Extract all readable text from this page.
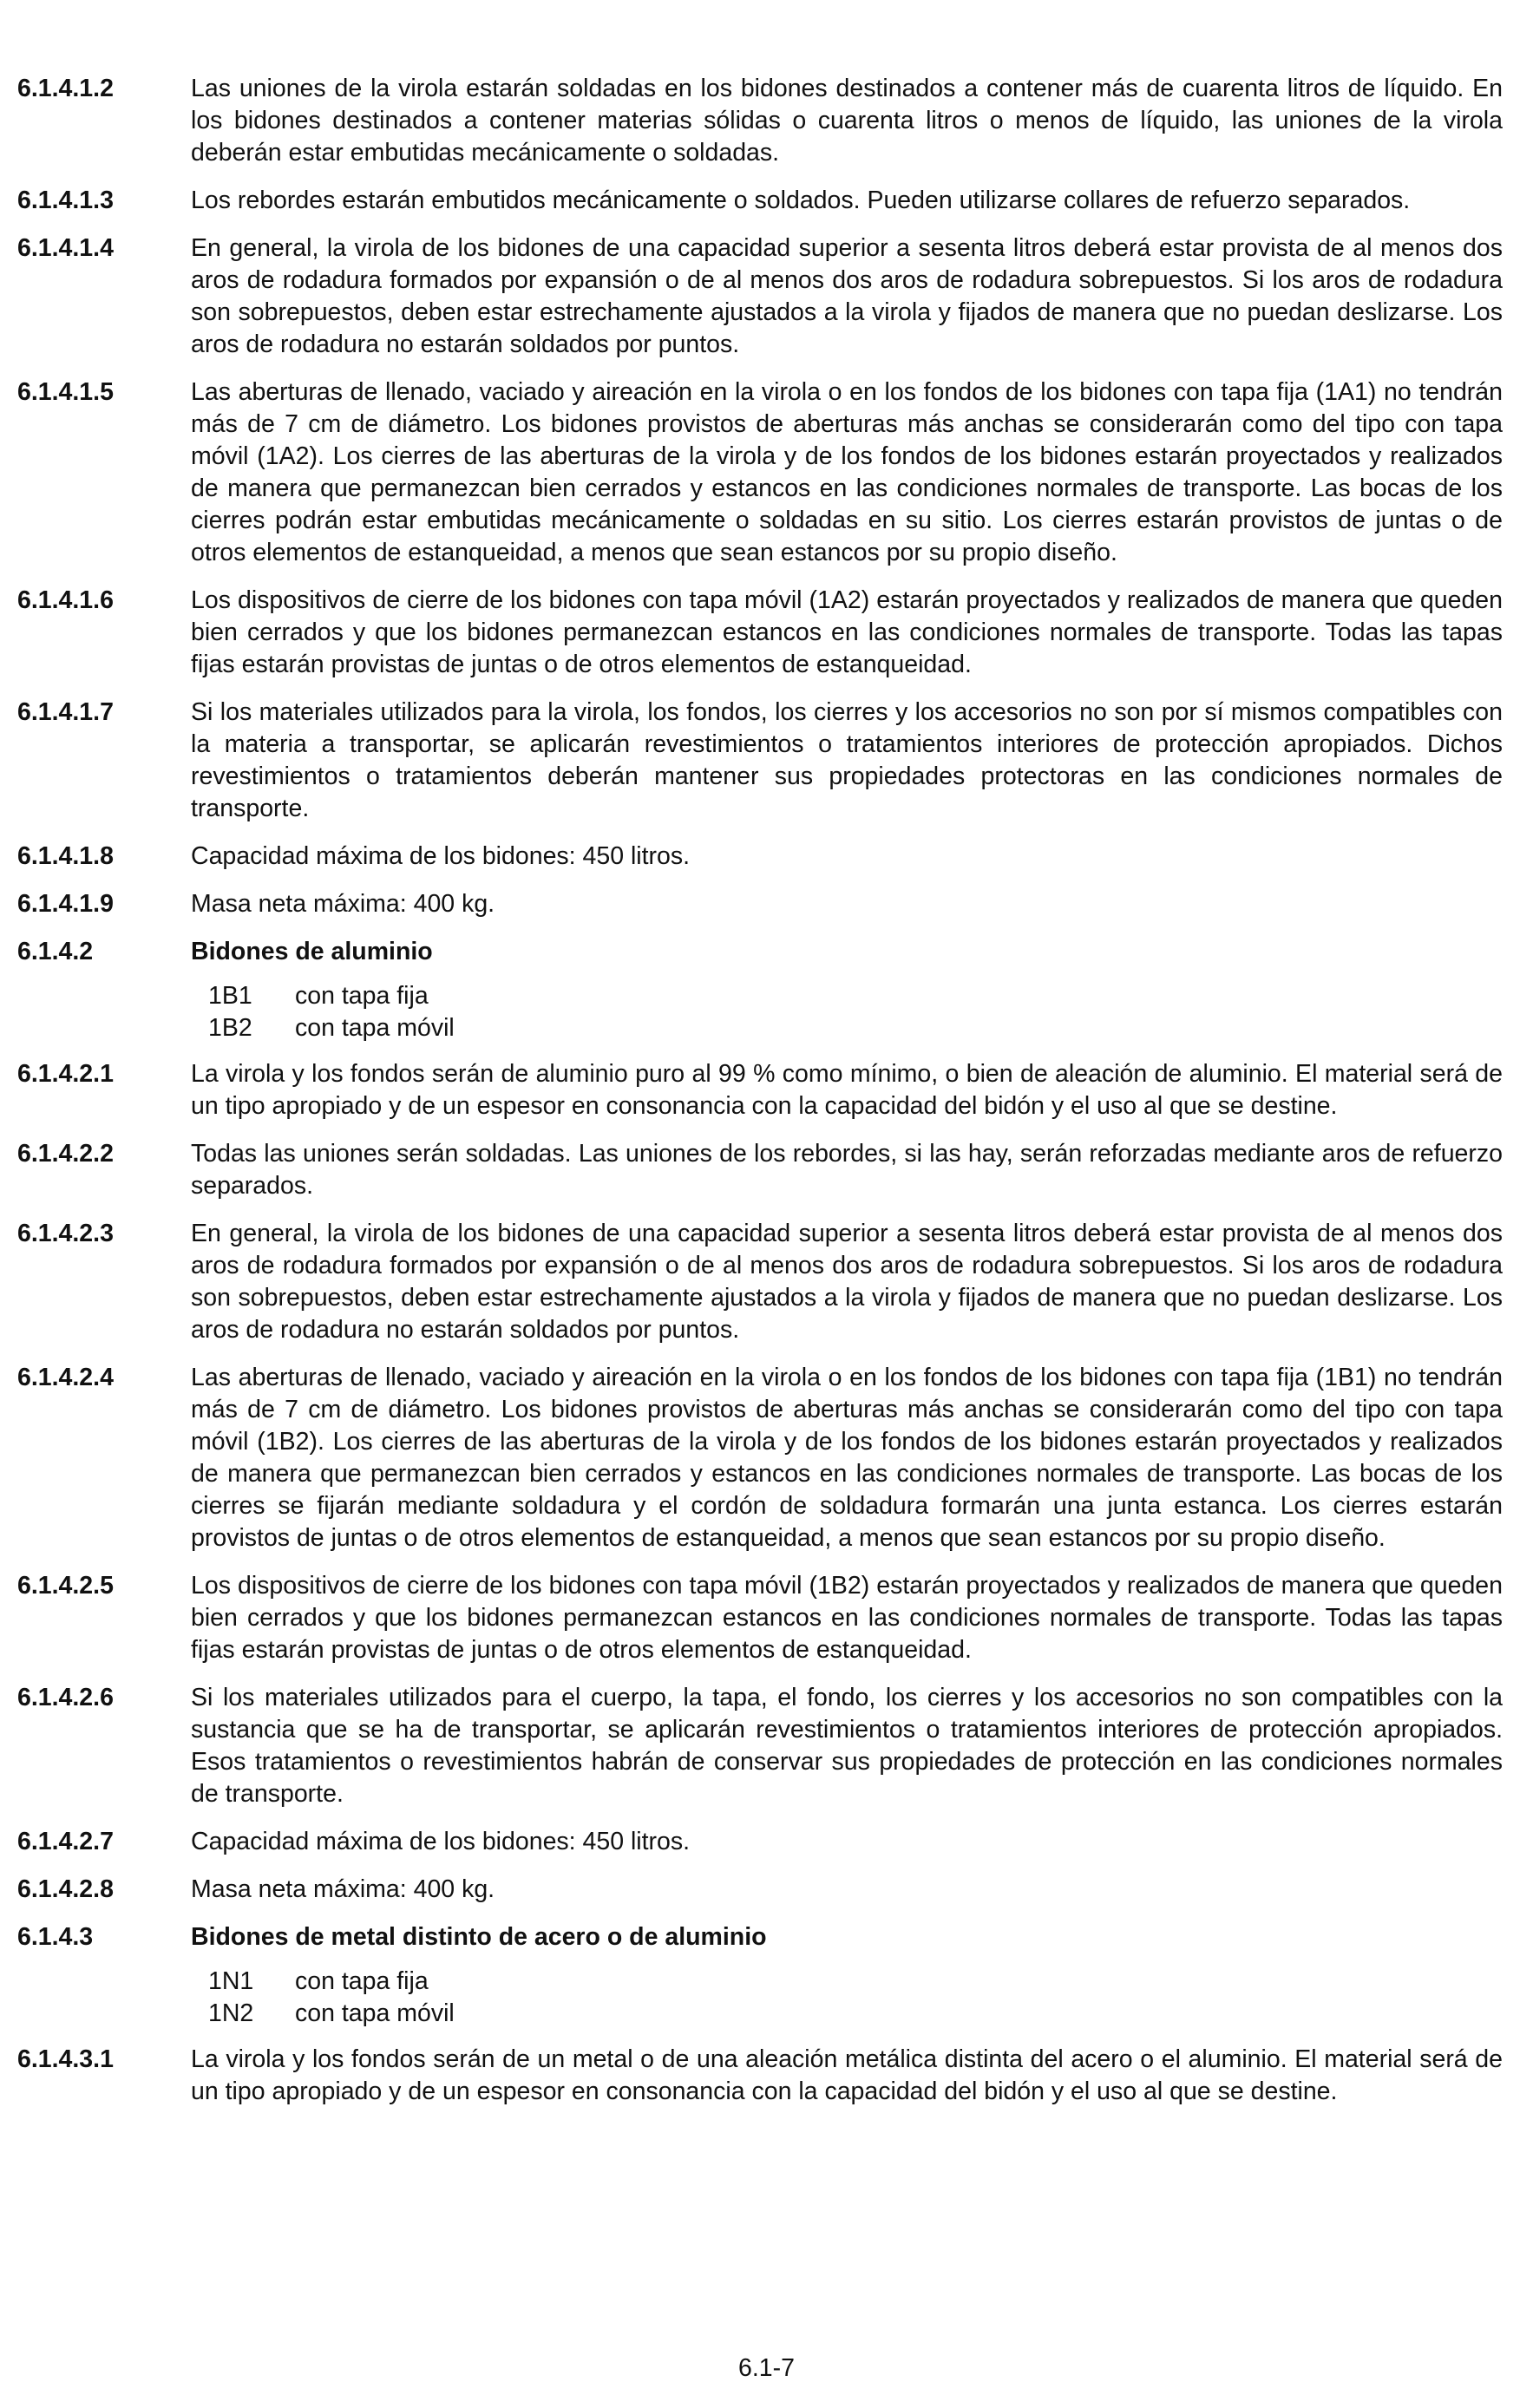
6.1.4.1.2	Las uniones de la virola estarán soldadas en los bidones destinados a contener más de cuarenta litros de líquido. En los bidones destinados a contener materias sólidas o cuarenta litros o menos de líquido, las uniones de la virola deberán estar embutidas mecánicamente o soldadas.
6.1.4.1.3	Los rebordes estarán embutidos mecánicamente o soldados. Pueden utilizarse collares de refuerzo separados.
6.1.4.1.4	En general, la virola de los bidones de una capacidad superior a sesenta litros deberá estar provista de al menos dos aros de rodadura formados por expansión o de al menos dos aros de rodadura sobrepuestos. Si los aros de rodadura son sobrepuestos, deben estar estrechamente ajustados a la virola y fijados de manera que no puedan deslizarse. Los aros de rodadura no estarán soldados por puntos.
6.1.4.1.5	Las aberturas de llenado, vaciado y aireación en la virola o en los fondos de los bidones con tapa fija (1A1) no tendrán más de 7 cm de diámetro. Los bidones provistos de aberturas más anchas se considerarán como del tipo con tapa móvil (1A2). Los cierres de las aberturas de la virola y de los fondos de los bidones estarán proyectados y realizados de manera que permanezcan bien cerrados y estancos en las condiciones normales de transporte. Las bocas de los cierres podrán estar embutidas mecánicamente o soldadas en su sitio. Los cierres estarán provistos de juntas o de otros elementos de estanqueidad, a menos que sean estancos por su propio diseño.
6.1.4.1.6	Los dispositivos de cierre de los bidones con tapa móvil (1A2) estarán proyectados y realizados de manera que queden bien cerrados y que los bidones permanezcan estancos en las condiciones normales de transporte. Todas las tapas fijas estarán provistas de juntas o de otros elementos de estanqueidad.
6.1.4.1.7	Si los materiales utilizados para la virola, los fondos, los cierres y los accesorios no son por sí mismos compatibles con la materia a transportar, se aplicarán revestimientos o tratamientos interiores de protección apropiados. Dichos revestimientos o tratamientos deberán mantener sus propiedades protectoras en las condiciones normales de transporte.
6.1.4.1.8	Capacidad máxima de los bidones: 450 litros.
6.1.4.1.9	Masa neta máxima: 400 kg.
6.1.4.2	Bidones de aluminio
1B1	con tapa fija
1B2	con tapa móvil
6.1.4.2.1	La virola y los fondos serán de aluminio puro al 99 % como mínimo, o bien de aleación de aluminio. El material será de un tipo apropiado y de un espesor en consonancia con la capacidad del bidón y el uso al que se destine.
6.1.4.2.2	Todas las uniones serán soldadas. Las uniones de los rebordes, si las hay, serán reforzadas mediante aros de refuerzo separados.
6.1.4.2.3	En general, la virola de los bidones de una capacidad superior a sesenta litros deberá estar provista de al menos dos aros de rodadura formados por expansión o de al menos dos aros de rodadura sobrepuestos. Si los aros de rodadura son sobrepuestos, deben estar estrechamente ajustados a la virola y fijados de manera que no puedan deslizarse. Los aros de rodadura no estarán soldados por puntos.
6.1.4.2.4	Las aberturas de llenado, vaciado y aireación en la virola o en los fondos de los bidones con tapa fija (1B1) no tendrán más de 7 cm de diámetro. Los bidones provistos de aberturas más anchas se considerarán como del tipo con tapa móvil (1B2). Los cierres de las aberturas de la virola y de los fondos de los bidones estarán proyectados y realizados de manera que permanezcan bien cerrados y estancos en las condiciones normales de transporte. Las bocas de los cierres se fijarán mediante soldadura y el cordón de soldadura formarán una junta estanca. Los cierres estarán provistos de juntas o de otros elementos de estanqueidad, a menos que sean estancos por su propio diseño.
6.1.4.2.5	Los dispositivos de cierre de los bidones con tapa móvil (1B2) estarán proyectados y realizados de manera que queden bien cerrados y que los bidones permanezcan estancos en las condiciones normales de transporte. Todas las tapas fijas estarán provistas de juntas o de otros elementos de estanqueidad.
6.1.4.2.6	Si los materiales utilizados para el cuerpo, la tapa, el fondo, los cierres y los accesorios no son compatibles con la sustancia que se ha de transportar, se aplicarán revestimientos o tratamientos interiores de protección apropiados. Esos tratamientos o revestimientos habrán de conservar sus propiedades de protección en las condiciones normales de transporte.
6.1.4.2.7	Capacidad máxima de los bidones: 450 litros.
6.1.4.2.8	Masa neta máxima: 400 kg.
6.1.4.3	Bidones de metal distinto de acero o de aluminio
1N1	con tapa fija
1N2	con tapa móvil
6.1.4.3.1	La virola y los fondos serán de un metal o de una aleación metálica distinta del acero o el aluminio. El material será de un tipo apropiado y de un espesor en consonancia con la capacidad del bidón y el uso al que se destine.
6.1-7
